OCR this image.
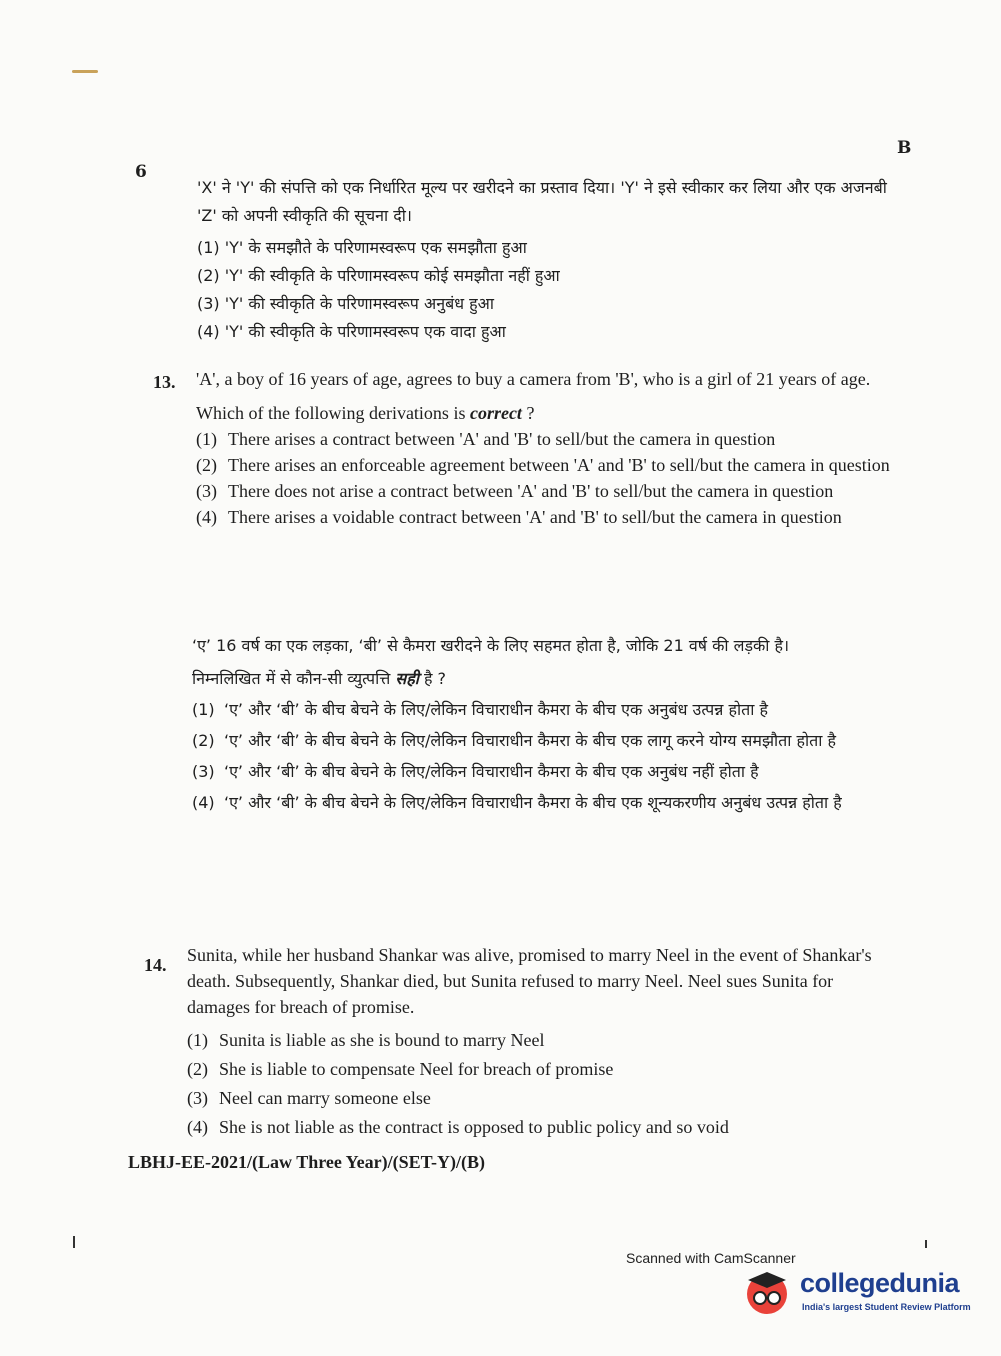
6
B

'X' ने 'Y' की संपत्ति को एक निर्धारित मूल्य पर खरीदने का प्रस्ताव दिया। 'Y' ने इसे स्वीकार कर लिया और एक अजनबी 'Z' को अपनी स्वीकृति की सूचना दी।

(1) 'Y' के समझौते के परिणामस्वरूप एक समझौता हुआ

(2) 'Y' की स्वीकृति के परिणामस्वरूप कोई समझौता नहीं हुआ

(3) 'Y' की स्वीकृति के परिणामस्वरूप अनुबंध हुआ

(4) 'Y' की स्वीकृति के परिणामस्वरूप एक वादा हुआ

13. 'A', a boy of 16 years of age, agrees to buy a camera from 'B', who is a girl of 21 years of age.

Which of the following derivations is correct ?

(1) There arises a contract between 'A' and 'B' to sell/but the camera in question
(2) There arises an enforceable agreement between 'A' and 'B' to sell/but the camera in question
(3) There does not arise a contract between 'A' and 'B' to sell/but the camera in question
(4) There arises a voidable contract between 'A' and 'B' to sell/but the camera in question

‘ए’ 16 वर्ष का एक लड़का, ‘बी’ से कैमरा खरीदने के लिए सहमत होता है, जोकि 21 वर्ष की लड़की है।

निम्नलिखित में से कौन-सी व्युत्पत्ति सही है ?

(1) ‘ए’ और ‘बी’ के बीच बेचने के लिए/लेकिन विचाराधीन कैमरा के बीच एक अनुबंध उत्पन्न होता है
(2) ‘ए’ और ‘बी’ के बीच बेचने के लिए/लेकिन विचाराधीन कैमरा के बीच एक लागू करने योग्य समझौता होता है
(3) ‘ए’ और ‘बी’ के बीच बेचने के लिए/लेकिन विचाराधीन कैमरा के बीच एक अनुबंध नहीं होता है
(4) ‘ए’ और ‘बी’ के बीच बेचने के लिए/लेकिन विचाराधीन कैमरा के बीच एक शून्यकरणीय अनुबंध उत्पन्न होता है
14. Sunita, while her husband Shankar was alive, promised to marry Neel in the event of Shankar's death. Subsequently, Shankar died, but Sunita refused to marry Neel. Neel sues Sunita for damages for breach of promise.

(1) Sunita is liable as she is bound to marry Neel
(2) She is liable to compensate Neel for breach of promise
(3) Neel can marry someone else
(4) She is not liable as the contract is opposed to public policy and so void
LBHJ-EE-2021/(Law Three Year)/(SET-Y)/(B)
Scanned with CamScanner
collegedunia
India's largest Student Review Platform
